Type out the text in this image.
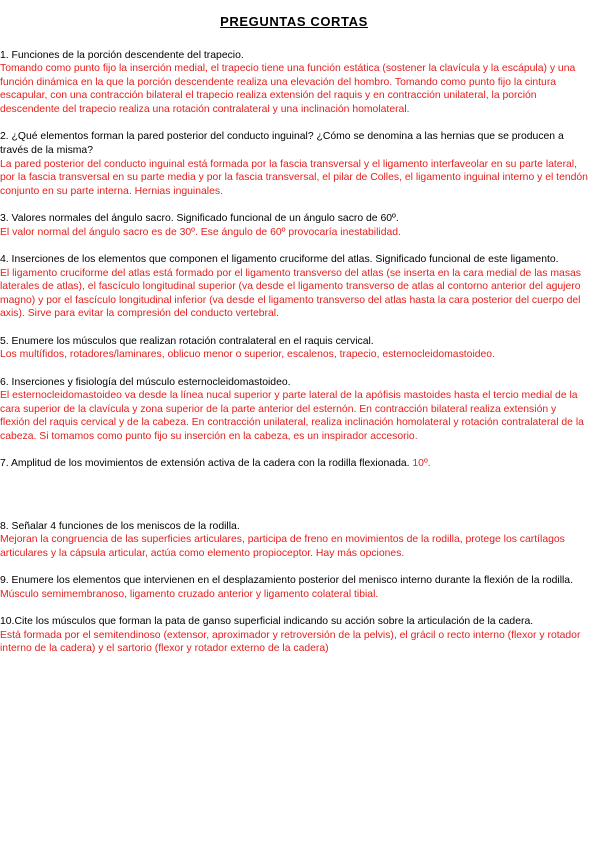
PREGUNTAS CORTAS

1. Funciones de la porción descendente del trapecio.

Tomando como punto fijo la inserción medial, el trapecio tiene una función estática (sostener la clavícula y la escápula) y una función dinámica en la que la porción descendente realiza una elevación del hombro. Tomando como punto fijo la cintura escapular, con una contracción bilateral el trapecio realiza extensión del raquis y en contracción unilateral, la porción descendente del trapecio realiza una rotación contralateral y una inclinación homolateral.

2. ¿Qué elementos forman la pared posterior del conducto inguinal? ¿Cómo se denomina a las hernias que se producen a través de la misma?

La pared posterior del conducto inguinal está formada por la fascia transversal y el ligamento interfaveolar en su parte lateral, por la fascia transversal en su parte media y por la fascia transversal, el pilar de Colles, el ligamento inguinal interno y el tendón conjunto en su parte interna. Hernias inguinales.

3. Valores normales del ángulo sacro. Significado funcional de un ángulo sacro de 60º.

El valor normal del ángulo sacro es de 30º. Ese ángulo de 60º provocaría inestabilidad.

4. Inserciones de los elementos que componen el ligamento cruciforme del atlas. Significado funcional de este ligamento.

El ligamento cruciforme del atlas está formado por el ligamento transverso del atlas (se inserta en la cara medial de las masas laterales de atlas), el fascículo longitudinal superior (va desde el ligamento transverso de atlas al contorno anterior del agujero magno) y por el fascículo longitudinal inferior (va desde el ligamento transverso del atlas hasta la cara posterior del cuerpo del axis). Sirve para evitar la compresión del conducto vertebral.

5. Enumere los músculos que realizan rotación contralateral en el raquis cervical.

Los multífidos, rotadores/laminares, oblicuo menor o superior, escalenos, trapecio, esternocleidomastoideo.

6. Inserciones y fisiología del músculo esternocleidomastoideo.

El esternocleidomastoideo va desde la línea nucal superior y parte lateral de la apófisis mastoides hasta el tercio medial de la cara superior de la clavícula y zona superior de la parte anterior del esternón. En contracción bilateral realiza extensión y flexión del raquis cervical y de la cabeza. En contracción unilateral, realiza inclinación homolateral y rotación contralateral de la cabeza. Si tomamos como punto fijo su inserción en la cabeza, es un inspirador accesorio.

7. Amplitud de los movimientos de extensión activa de la cadera con la rodilla flexionada. 10º.

8. Señalar 4 funciones de los meniscos de la rodilla.

Mejoran la congruencia de las superficies articulares, participa de freno en movimientos de la rodilla, protege los cartílagos articulares y la cápsula articular, actúa como elemento propioceptor. Hay más opciones.

9. Enumere los elementos que intervienen en el desplazamiento posterior del menisco interno durante la flexión de la rodilla.

Músculo semimembranoso, ligamento cruzado anterior y ligamento colateral tibial.

10.Cite los músculos que forman la pata de ganso superficial indicando su acción sobre la articulación de la cadera.

Está formada por el semitendinoso (extensor, aproximador y retroversión de la pelvis), el grácil o recto interno (flexor y rotador interno de la cadera) y el sartorio (flexor y rotador externo de la cadera)
